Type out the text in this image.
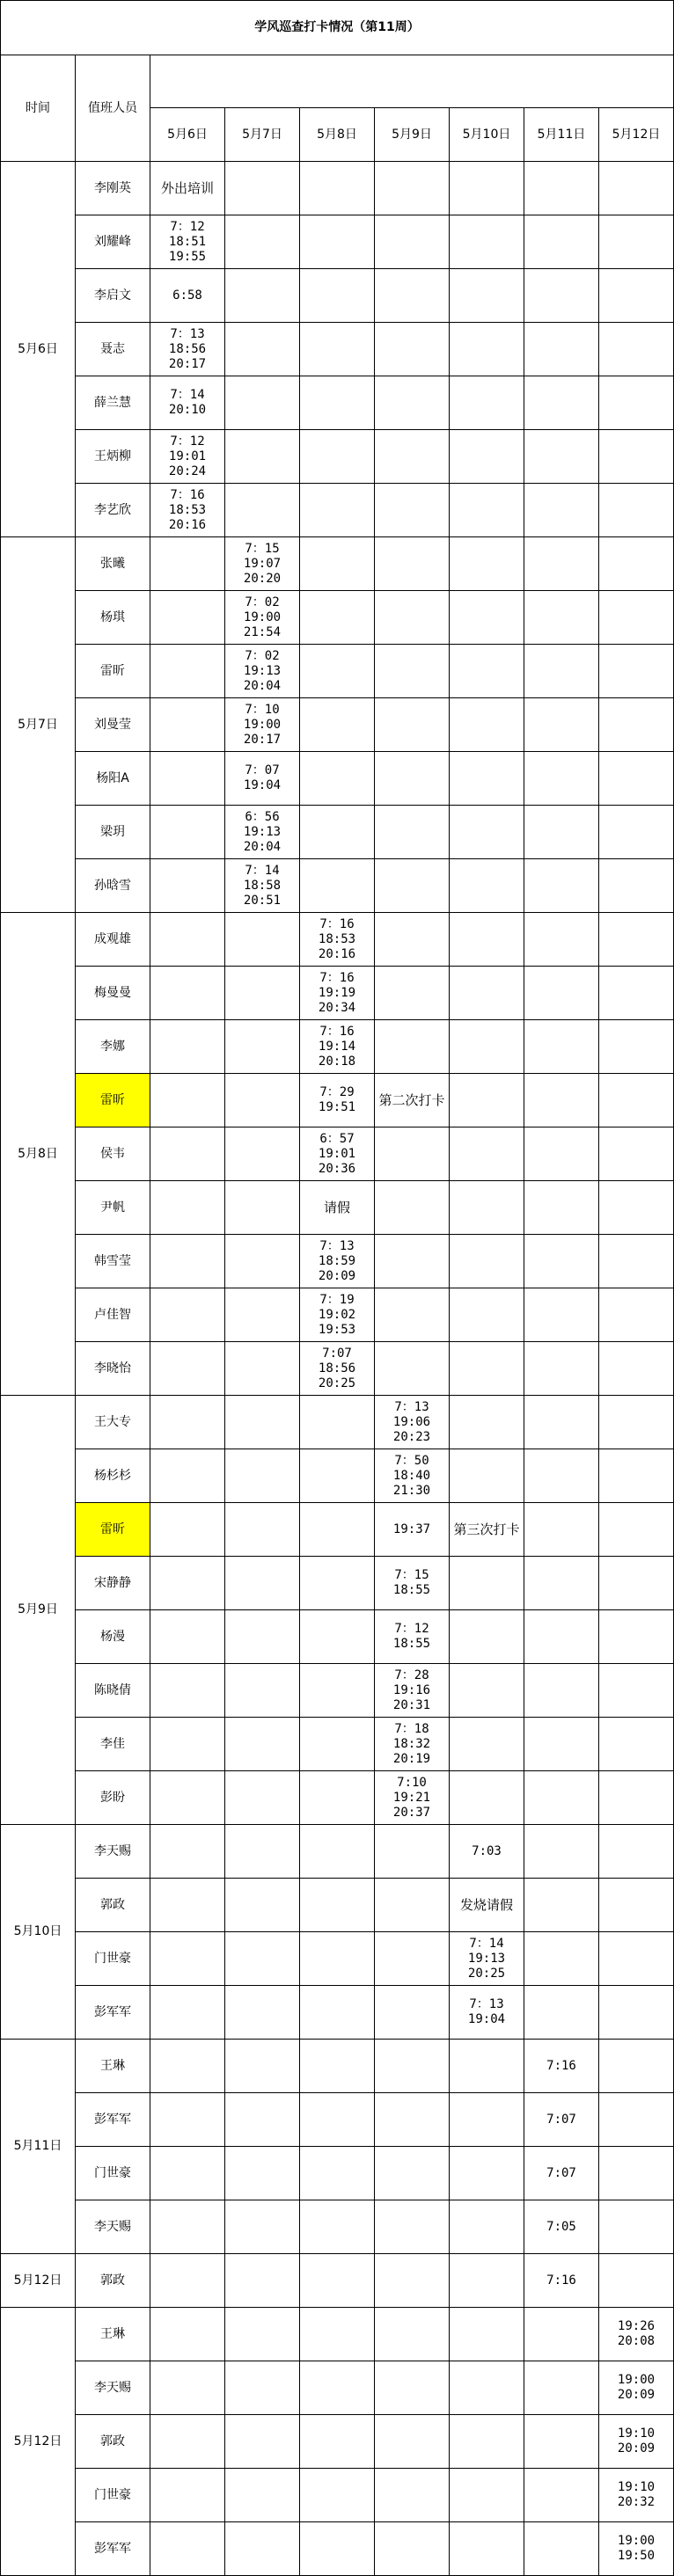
学风巡查打卡情况（第11周）								
时间	值班人员							
		5月6日	5月7日	5月8日	5月9日	5月10日	5月11日	5月12日
5月6日	李刚英	外出培训						
	刘耀峰	7：12
18:51
19:55						
	李启文	6:58						
	聂志	7：13
18:56
20:17						
	薛兰慧	7：14
20:10						
	王炳柳	7：12
19:01
20:24						
	李艺欣	7：16
18:53
20:16						
5月7日	张曦		7：15
19:07
20:20					
	杨琪		7：02
19:00
21:54					
	雷昕		7：02
19:13
20:04					
	刘曼莹		7：10
19:00
20:17					
	杨阳A		7：07
19:04					
	梁玥		6：56
19:13
20:04					
	孙晗雪		7：14
18:58
20:51					
5月8日	成观雄			7：16
18:53
20:16				
	梅曼曼			7：16
19:19
20:34				
	李娜			7：16
19:14
20:18				
	雷昕			7：29
19:51	第二次打卡			
	侯韦			6：57
19:01
20:36				
	尹帆			请假				
	韩雪莹			7：13
18:59
20:09				
	卢佳智			7：19
19:02
19:53				
	李晓怡			7:07
18:56
20:25				
5月9日	王大专				7：13
19:06
20:23			
	杨杉杉				7：50
18:40
21:30			
	雷昕				19:37	第三次打卡		
	宋静静				7：15
18:55			
	杨漫				7：12
18:55			
	陈晓倩				7：28
19:16
20:31			
	李佳				7：18
18:32
20:19			
	彭盼				7:10
19:21
20:37			
5月10日	李天赐					7:03		
	郭政					发烧请假		
	门世豪					7：14
19:13
20:25		
	彭军军					7：13
19:04		
5月11日	王琳						7:16	
	彭军军						7:07	
	门世豪						7:07	
	李天赐						7:05	
5月12日	郭政						7:16	
5月12日	王琳							19:26
20:08
	李天赐							19:00
20:09
	郭政							19:10
20:09
	门世豪							19:10
20:32
	彭军军							19:00
19:50
